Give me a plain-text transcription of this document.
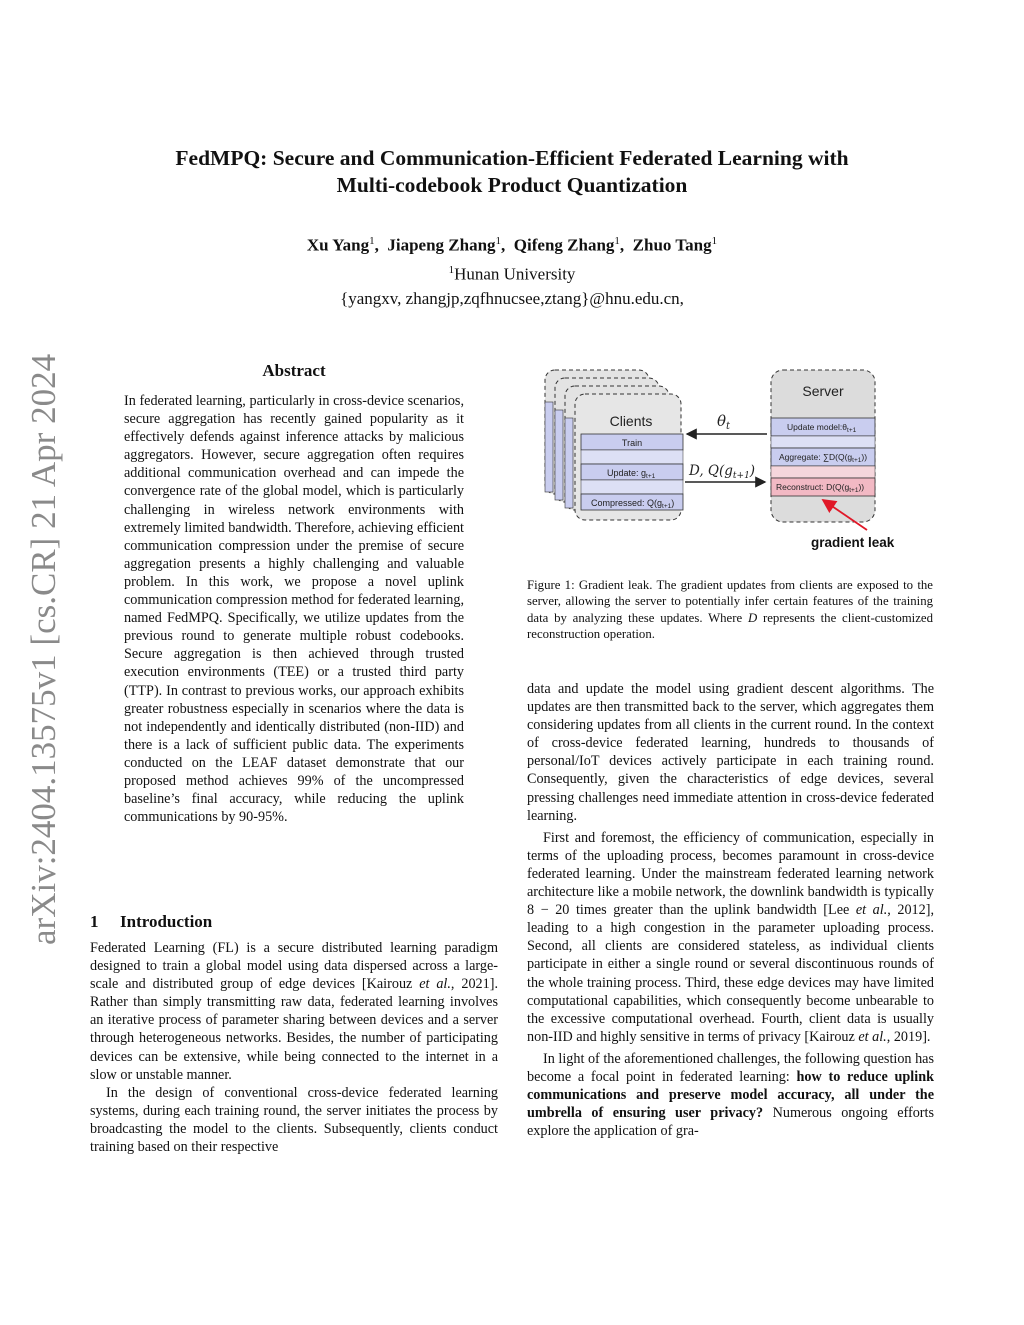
arXiv:2404.13575v1 [cs.CR] 21 Apr 2024
FedMPQ: Secure and Communication-Efficient Federated Learning with
Multi-codebook Product Quantization
Xu Yang$^1$,  Jiapeng Zhang$^1$,  Qifeng Zhang$^1$,  Zhuo Tang$^1$
$^1$Hunan University
{yangxv, zhangjp,zqfhnucsee,ztang}@hnu.edu.cn,
Abstract
In federated learning, particularly in cross-device scenarios, secure aggregation has recently gained popularity as it effectively defends against inference attacks by malicious aggregators. However, secure aggregation often requires additional communication overhead and can impede the convergence rate of the global model, which is particularly challenging in wireless network environments with extremely limited bandwidth. Therefore, achieving efficient communication compression under the premise of secure aggregation presents a highly challenging and valuable problem. In this work, we propose a novel uplink communication compression method for federated learning, named FedMPQ. Specifically, we utilize updates from the previous round to generate multiple robust codebooks. Secure aggregation is then achieved through trusted execution environments (TEE) or a trusted third party (TTP). In contrast to previous works, our approach exhibits greater robustness especially in scenarios where the data is not independently and identically distributed (non-IID) and there is a lack of sufficient public data. The experiments conducted on the LEAF dataset demonstrate that our proposed method achieves 99% of the uncompressed baseline’s final accuracy, while reducing the uplink communications by 90-95%.
1 Introduction

Federated Learning (FL) is a secure distributed learning paradigm designed to train a global model using data dispersed across a large-scale and distributed group of edge devices [Kairouz et al., 2021]. Rather than simply transmitting raw data, federated learning involves an iterative process of parameter sharing between devices and a server through heterogeneous networks. Besides, the number of participating devices can be extensive, while being connected to the internet in a slow or unstable manner.

In the design of conventional cross-device federated learning systems, during each training round, the server initiates the process by broadcasting the model to the clients. Subsequently, clients conduct training based on their respective

Clients
Train
Update: $g_{t+1}$
Compressed: $Q(g_{t+1})$
Server
Update $model:\theta_{t+1}$
Aggregate: $\sum D(Q(g_{t+1}))$
Reconstruct: $D(Q(g_{t+1}))$
$\theta_t$
D, $Q(g_{t+1})$
gradient leak
Figure 1: Gradient leak. The gradient updates from clients are exposed to the server, allowing the server to potentially infer certain features of the training data by analyzing these updates. Where D represents the client-customized reconstruction operation.

data and update the model using gradient descent algorithms. The updates are then transmitted back to the server, which aggregates them considering updates from all clients in the current round. In the context of cross-device federated learning, hundreds to thousands of personal/IoT devices actively participate in each training round. Consequently, given the characteristics of edge devices, several pressing challenges need immediate attention in cross-device federated learning.

First and foremost, the efficiency of communication, especially in terms of the uploading process, becomes paramount in cross-device federated learning. Under the mainstream federated learning network architecture like a mobile network, the downlink bandwidth is typically 8 − 20 times greater than the uplink bandwidth [Lee et al., 2012], leading to a high congestion in the parameter uploading process. Second, all clients are considered stateless, as individual clients participate in either a single round or several discontinuous rounds of the whole training process. Third, these edge devices may have limited computational capabilities, which consequently become unbearable to the excessive computational overhead. Fourth, client data is usually non-IID and highly sensitive in terms of privacy [Kairouz et al., 2019].

In light of the aforementioned challenges, the following question has become a focal point in federated learning: how to reduce uplink communications and preserve model accuracy, all under the umbrella of ensuring user privacy? Numerous ongoing efforts explore the application of gra-
